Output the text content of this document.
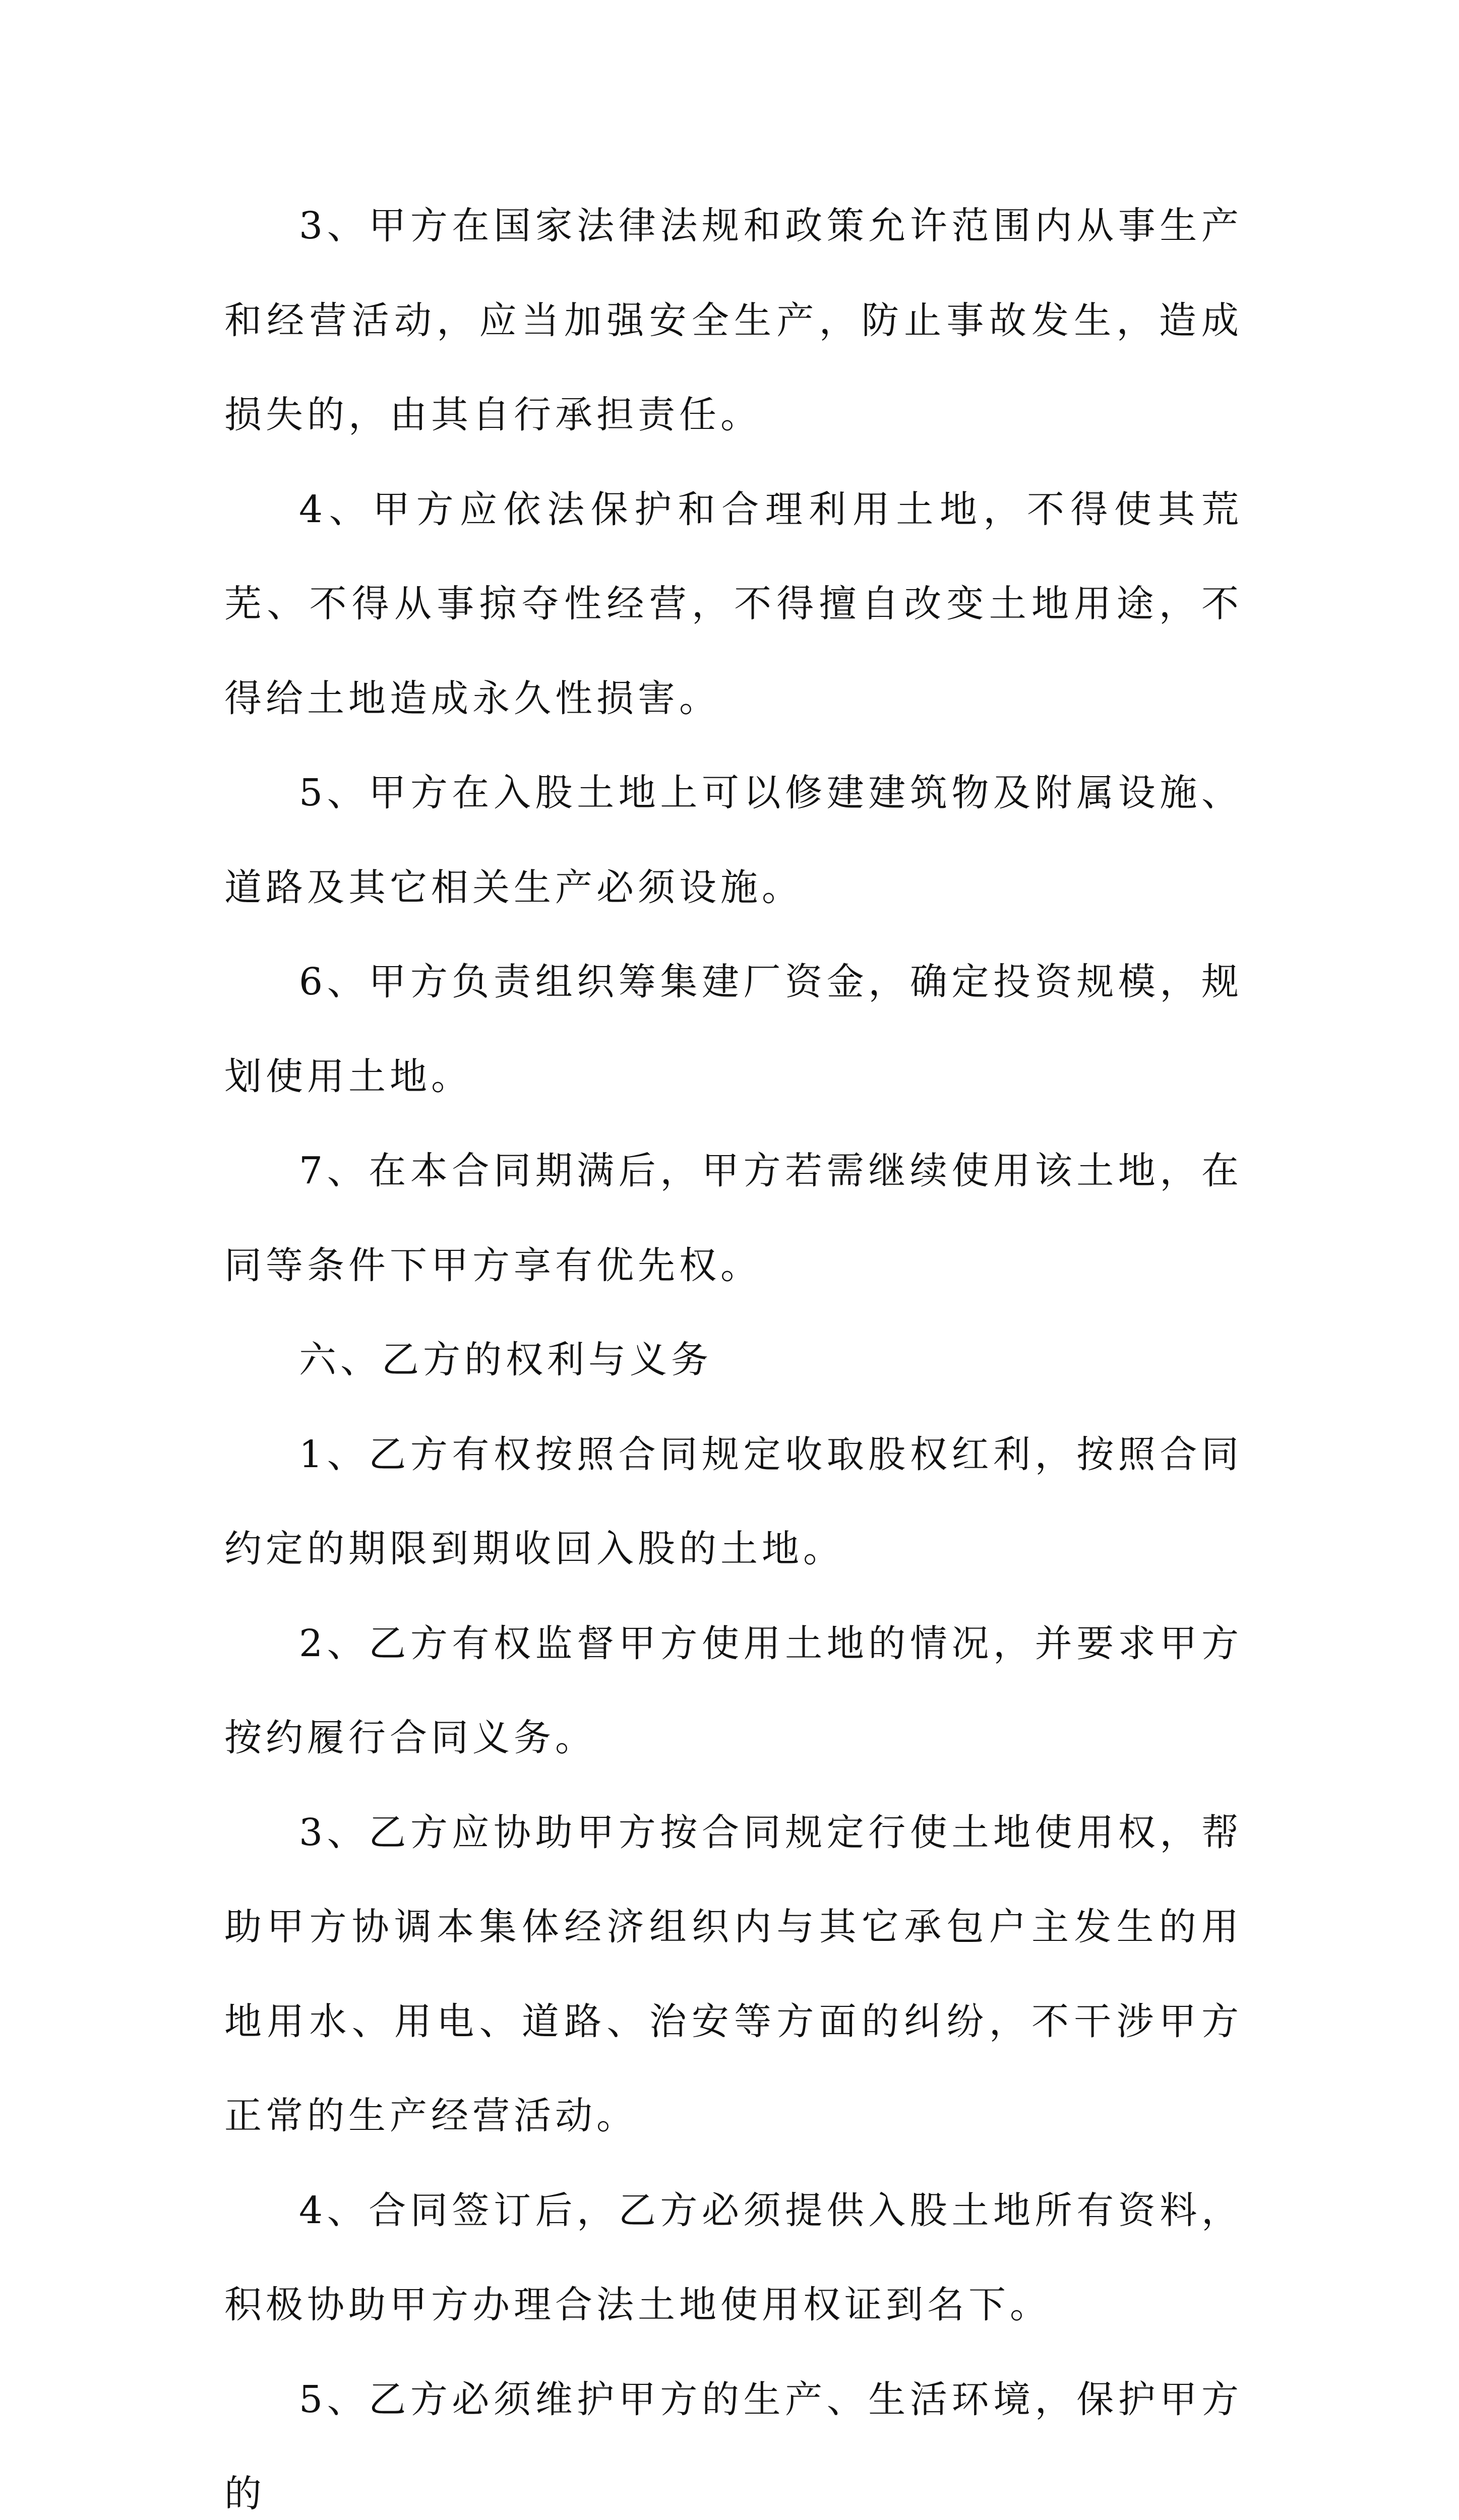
3、甲方在国家法律法规和政策允许范围内从事生产和经营活动，应当加强安全生产，防止事故发生，造成损失的，由其自行承担责任。

4、甲方应依法保护和合理利用土地，不得使其荒芜、不得从事掠夺性经营，不得擅自改变土地用途，不得给土地造成永久性损害。

5、甲方在入股土地上可以修建建筑物及附属设施、道路及其它相关生产必须设施。

6、甲方负责组织筹集建厂资金，确定投资规模，规划使用土地。

7、在本合同期满后，甲方若需继续使用该土地，在同等条件下甲方享有优先权。

六、乙方的权利与义务

1、乙方有权按照合同规定收取股权红利，按照合同约定的期限到期收回入股的土地。

2、乙方有权监督甲方使用土地的情况，并要求甲方按约履行合同义务。

3、乙方应协助甲方按合同规定行使土地使用权，帮助甲方协调本集体经济组织内与其它承包户主发生的用地用水、用电、道路、治安等方面的纠纷，不干涉甲方正常的生产经营活动。

4、合同签订后，乙方必须提供入股土地所有资料，积极协助甲方办理合法土地使用权证到名下。

5、乙方必须维护甲方的生产、生活环境，保护甲方的
